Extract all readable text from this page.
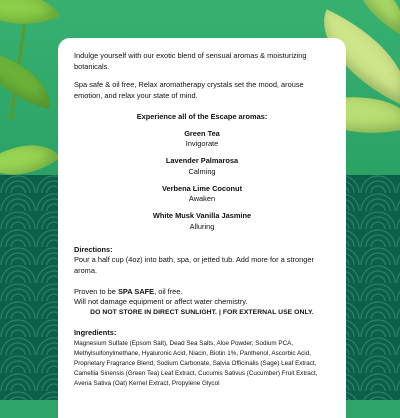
Indulge yourself with our exotic blend of sensual aromas & moisturizing botanicals.

Spa safe & oil free, Relax aromatherapy crystals set the mood, arouse emotion, and relax your state of mind.

Experience all of the Escape aromas:

Green Tea
Invigorate
Lavender Palmarosa
Calming
Verbena Lime Coconut
Awaken
White Musk Vanilla Jasmine
Alluring

Directions:

Pour a half cup (4oz) into bath, spa, or jetted tub. Add more for a stronger aroma.

Proven to be SPA SAFE, oil free.

Will not damage equipment or affect water chemistry.

DO NOT STORE IN DIRECT SUNLIGHT. | FOR EXTERNAL USE ONLY.

Ingredients:

Magnesium Sulfate (Epsom Salt), Dead Sea Salts, Aloe Powder, Sodium PCA, Methylsulfonylmethane, Hyaluronic Acid, Niacin, Biotin 1%, Panthenol, Ascorbic Acid, Proprietary Fragrance Blend, Sodium Carbonate, Salvia Officinalis (Sage) Leaf Extract, Camellia Sinensis (Green Tea) Leaf Extract, Cucumis Sativus (Cucumber) Fruit Extract, Avena Sativa (Oat) Kernel Extract, Propylene Glycol
